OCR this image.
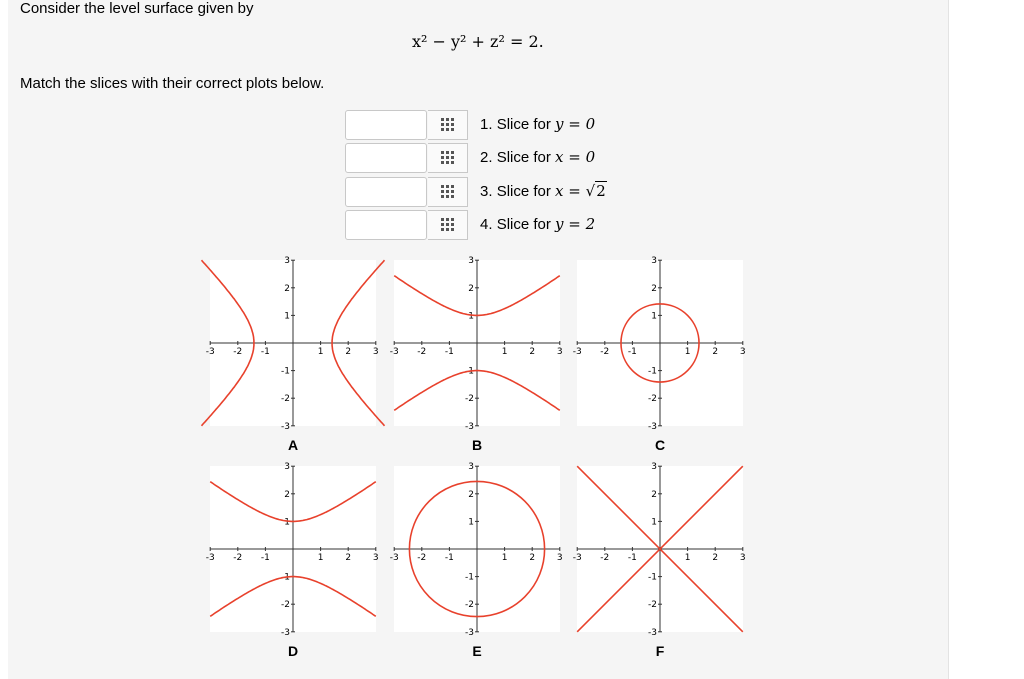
Consider the level surface given by
x² − y² + z² = 2.
Match the slices with their correct plots below.
1. Slice for y = 0
2. Slice for x = 0
3. Slice for x = √2
4. Slice for y = 2
-3
-3
-2
-2
-1
-1
1
1
2
2
3
3
A
-3
-3
-2
-2
-1
-1
1
1
2
2
3
3
B
-3
-3
-2
-2
-1
-1
1
1
2
2
3
3
C
-3
-3
-2
-2
-1
-1
1
1
2
2
3
3
D
-3
-3
-2
-2
-1
-1
1
1
2
2
3
3
E
-3
-3
-2
-2
-1
-1
1
1
2
2
3
3
F
